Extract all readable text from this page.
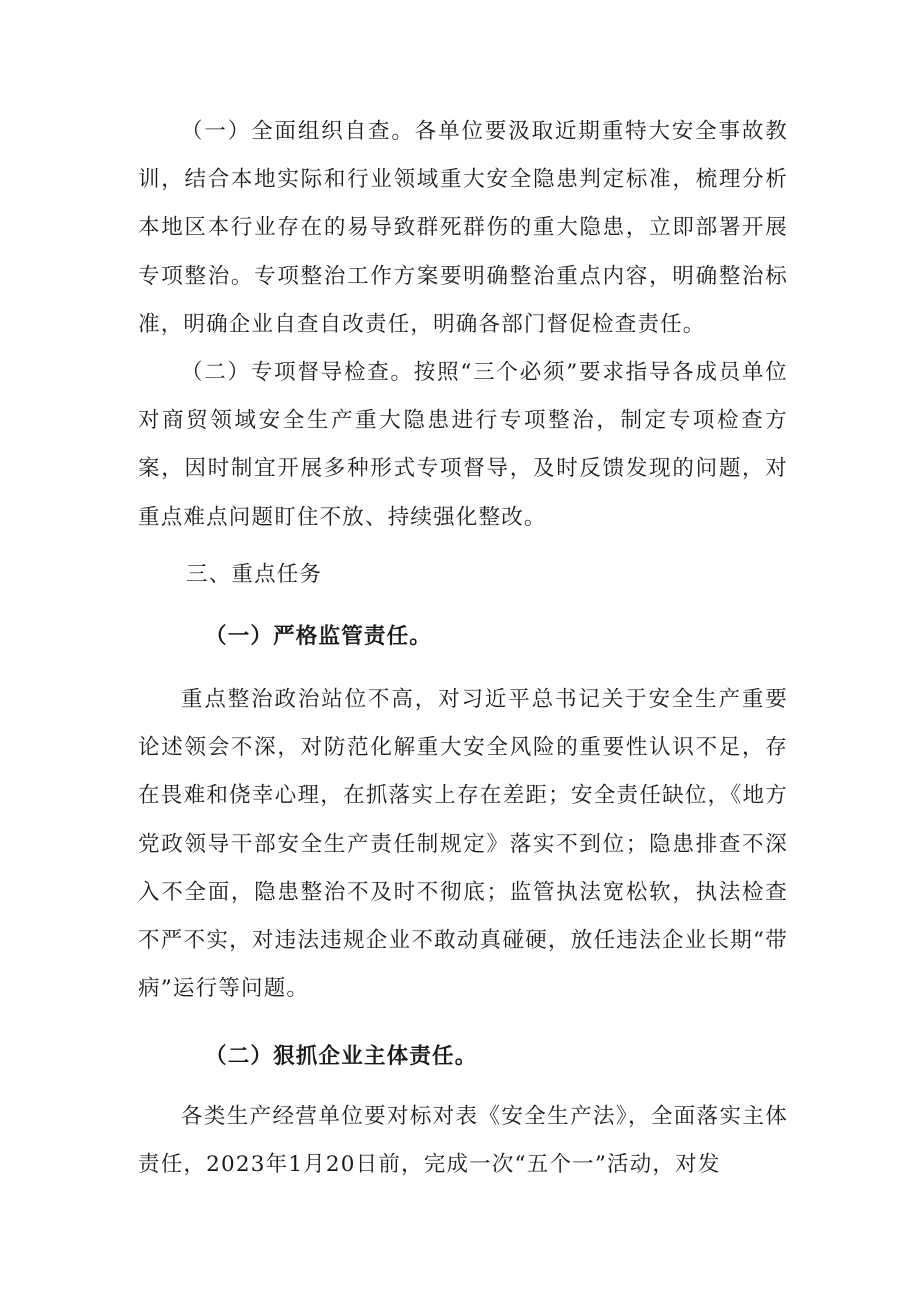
（一）全面组织自查。各单位要汲取近期重特大安全事故教训，结合本地实际和行业领域重大安全隐患判定标准，梳理分析本地区本行业存在的易导致群死群伤的重大隐患，立即部署开展专项整治。专项整治工作方案要明确整治重点内容，明确整治标准，明确企业自查自改责任，明确各部门督促检查责任。

（二）专项督导检查。按照“三个必须”要求指导各成员单位对商贸领域安全生产重大隐患进行专项整治，制定专项检查方案，因时制宜开展多种形式专项督导，及时反馈发现的问题，对重点难点问题盯住不放、持续强化整改。

三、重点任务
（一）严格监管责任。

重点整治政治站位不高，对习近平总书记关于安全生产重要论述领会不深，对防范化解重大安全风险的重要性认识不足，存在畏难和侥幸心理，在抓落实上存在差距；安全责任缺位，《地方党政领导干部安全生产责任制规定》落实不到位；隐患排查不深入不全面，隐患整治不及时不彻底；监管执法宽松软，执法检查不严不实，对违法违规企业不敢动真碰硬，放任违法企业长期“带病”运行等问题。

（二）狠抓企业主体责任。

各类生产经营单位要对标对表《安全生产法》，全面落实主体责任，2023年1月20日前，完成一次“五个一”活动，对发
